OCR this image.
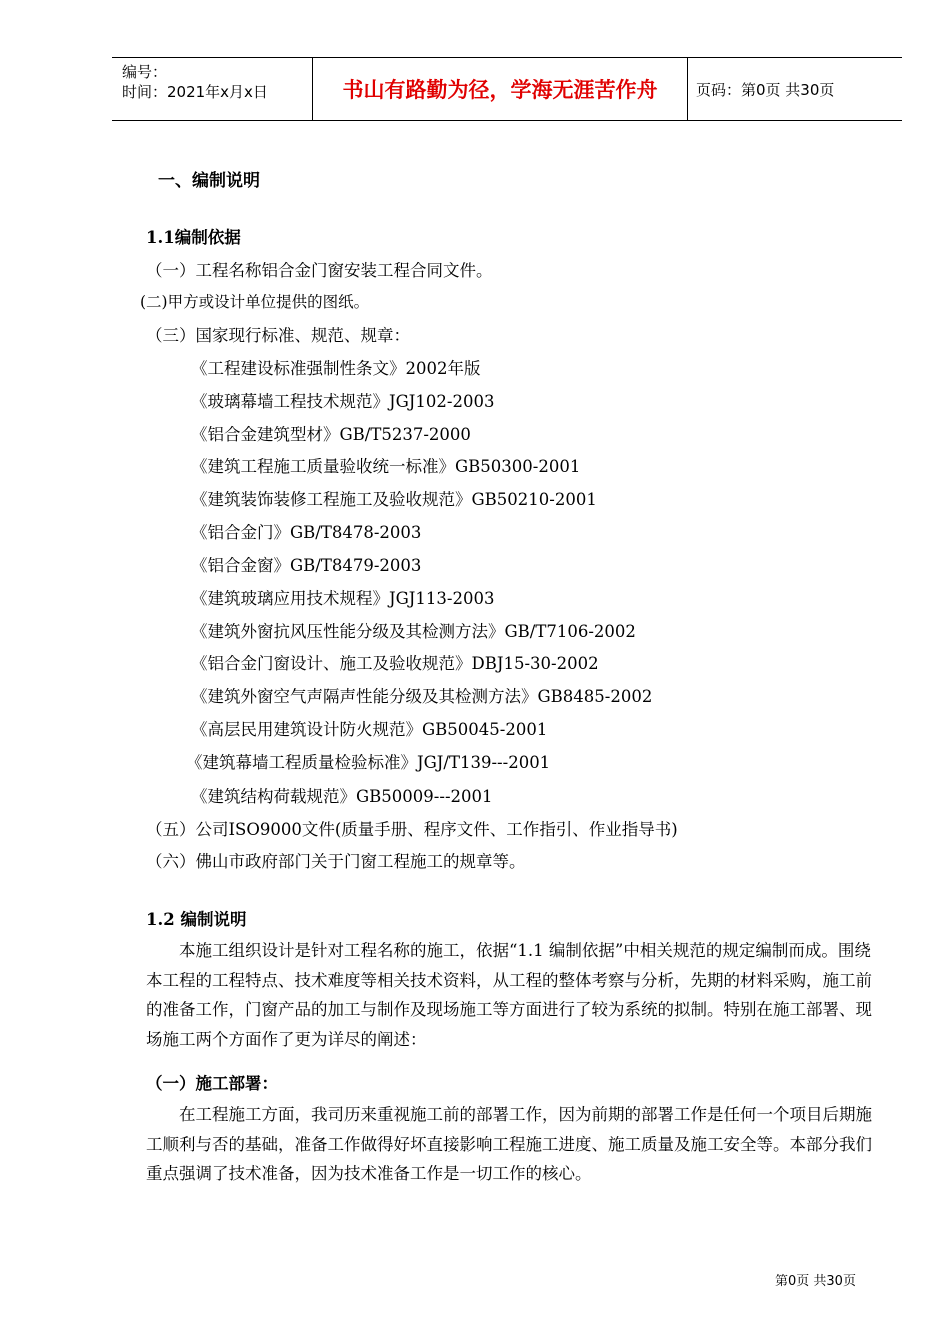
编号：
时间：2021年x月x日	书山有路勤为径，学海无涯苦作舟	页码：第0页 共30页
一、编制说明
1.1编制依据
（一）工程名称铝合金门窗安装工程合同文件。
(二)甲方或设计单位提供的图纸。
（三）国家现行标准、规范、规章：
《工程建设标准强制性条文》2002年版
《玻璃幕墙工程技术规范》JGJ102-2003
《铝合金建筑型材》GB/T5237-2000
《建筑工程施工质量验收统一标准》GB50300-2001
《建筑装饰装修工程施工及验收规范》GB50210-2001
《铝合金门》GB/T8478-2003
《铝合金窗》GB/T8479-2003
《建筑玻璃应用技术规程》JGJ113-2003
《建筑外窗抗风压性能分级及其检测方法》GB/T7106-2002
《铝合金门窗设计、施工及验收规范》DBJ15-30-2002
《建筑外窗空气声隔声性能分级及其检测方法》GB8485-2002
《高层民用建筑设计防火规范》GB50045-2001
《建筑幕墙工程质量检验标准》JGJ/T139---2001
《建筑结构荷载规范》GB50009---2001
（五）公司ISO9000文件(质量手册、程序文件、工作指引、作业指导书)
（六）佛山市政府部门关于门窗工程施工的规章等。
1.2 编制说明
本施工组织设计是针对工程名称的施工，依据“1.1 编制依据”中相关规范的规定编制而成。围绕本工程的工程特点、技术难度等相关技术资料，从工程的整体考察与分析，先期的材料采购，施工前的准备工作，门窗产品的加工与制作及现场施工等方面进行了较为系统的拟制。特别在施工部署、现场施工两个方面作了更为详尽的阐述：
（一）施工部署：
在工程施工方面，我司历来重视施工前的部署工作，因为前期的部署工作是任何一个项目后期施工顺利与否的基础，准备工作做得好坏直接影响工程施工进度、施工质量及施工安全等。本部分我们重点强调了技术准备，因为技术准备工作是一切工作的核心。
第0页 共30页
